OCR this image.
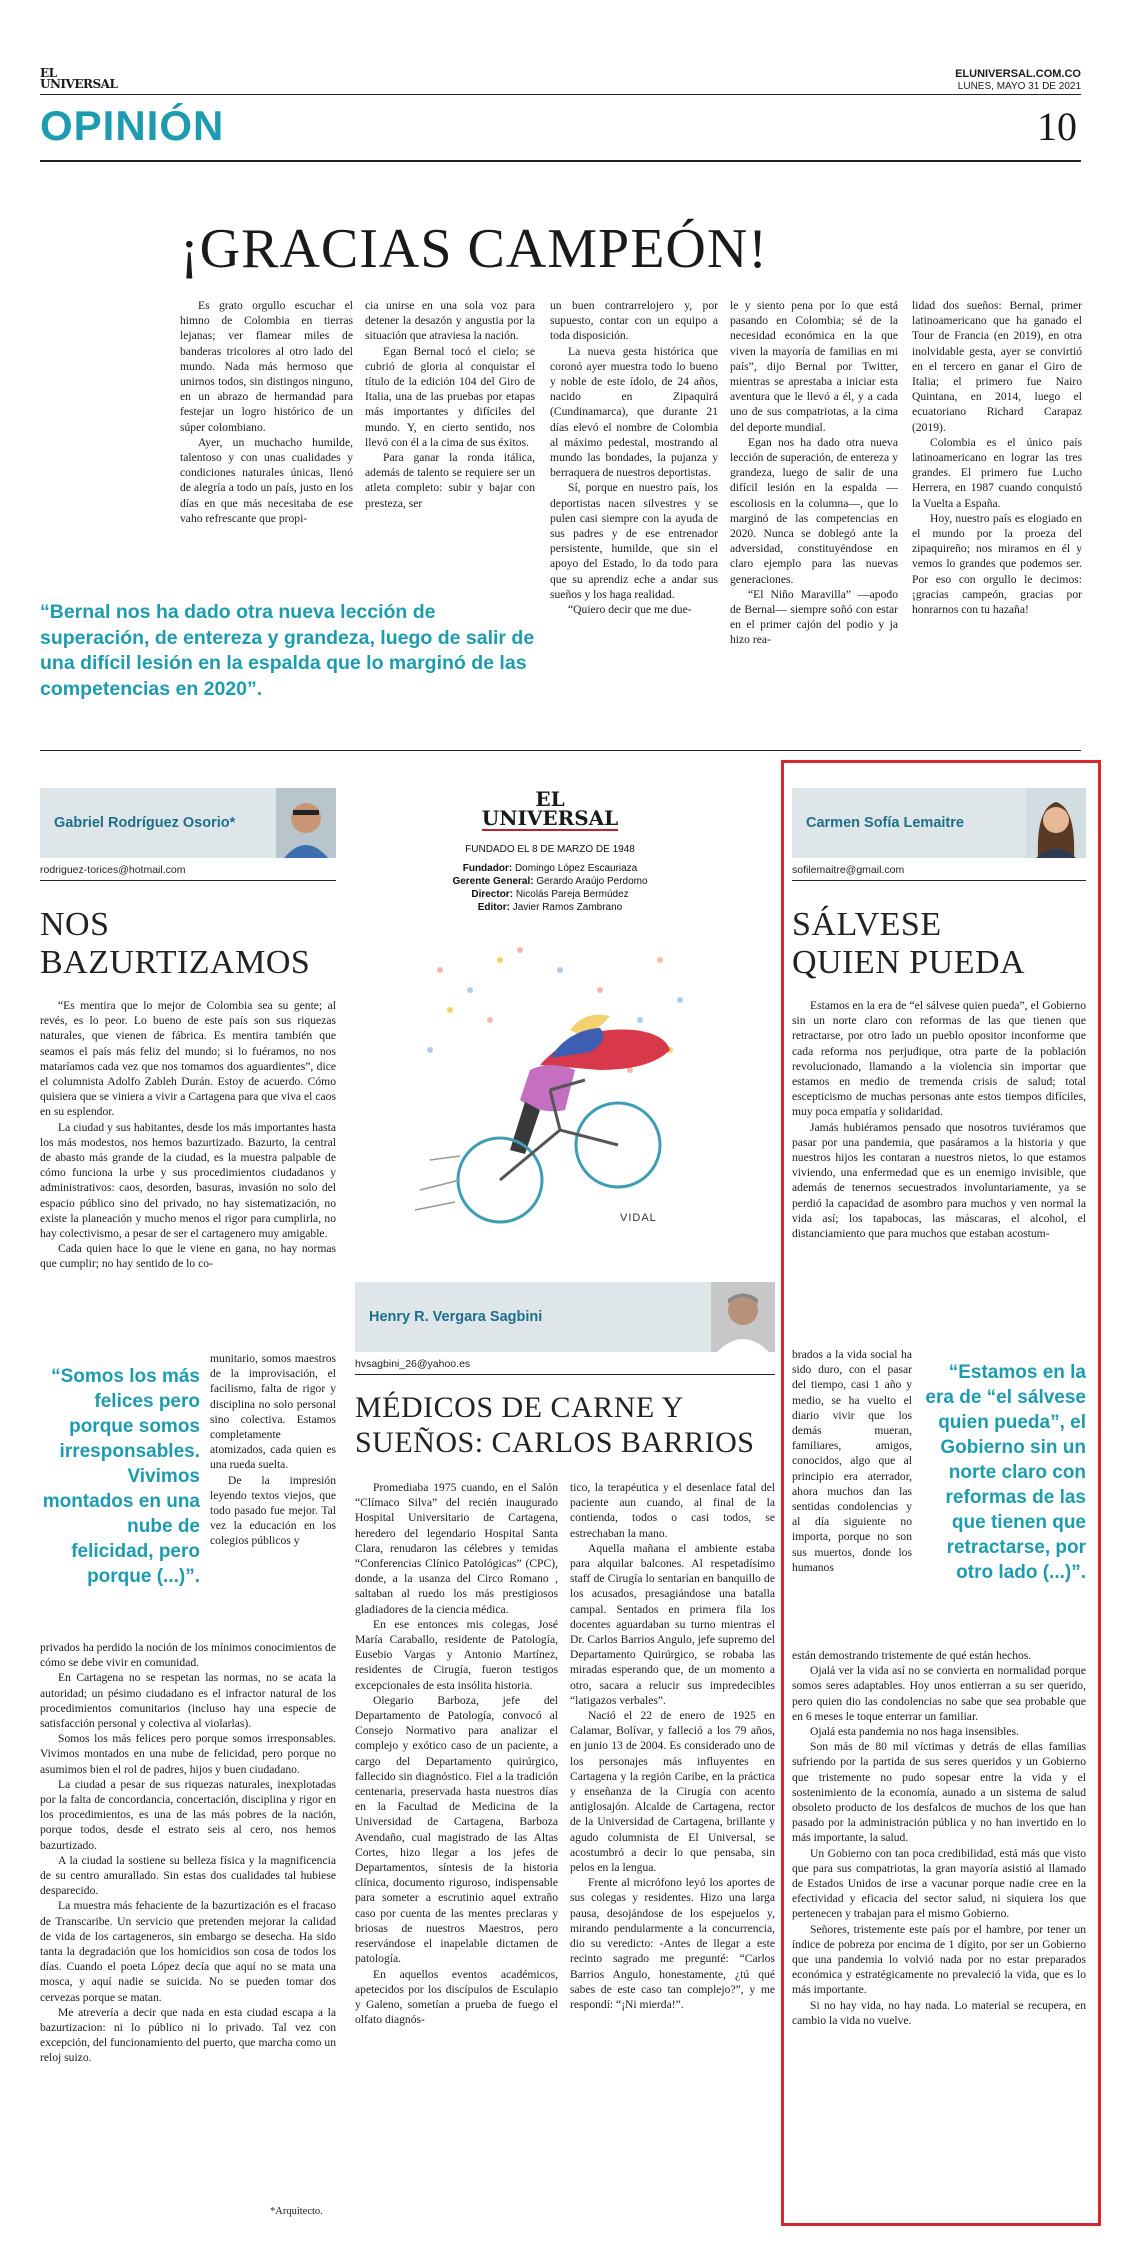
EL
UNIVERSAL
ELUNIVERSAL.COM.CO
LUNES, MAYO 31 DE 2021
OPINIÓN	10
¡GRACIAS CAMPEÓN!

Es grato orgullo escuchar el himno de Colombia en tierras lejanas; ver flamear miles de banderas tricolores al otro lado del mundo. Nada más hermoso que unirnos todos, sin distingos ninguno, en un abrazo de hermandad para festejar un logro histórico de un súper colombiano.

Ayer, un muchacho humilde, talentoso y con unas cualidades y condiciones naturales únicas, llenó de alegría a todo un país, justo en los días en que más necesitaba de ese vaho refrescante que propi-

cia unirse en una sola voz para detener la desazón y angustia por la situación que atraviesa la nación.

Egan Bernal tocó el cielo; se cubrió de gloria al conquistar el título de la edición 104 del Giro de Italia, una de las pruebas por etapas más importantes y difíciles del mundo. Y, en cierto sentido, nos llevó con él a la cima de sus éxitos.

Para ganar la ronda itálica, además de talento se requiere ser un atleta completo: subir y bajar con presteza, ser

un buen contrarrelojero y, por supuesto, contar con un equipo a toda disposición.

La nueva gesta histórica que coronó ayer muestra todo lo bueno y noble de este ídolo, de 24 años, nacido en Zipaquirá (Cundinamarca), que durante 21 días elevó el nombre de Colombia al máximo pedestal, mostrando al mundo las bondades, la pujanza y berraquera de nuestros deportistas.

Sí, porque en nuestro país, los deportistas nacen silvestres y se pulen casi siempre con la ayuda de sus padres y de ese entrenador persistente, humilde, que sin el apoyo del Estado, lo da todo para que su aprendiz eche a andar sus sueños y los haga realidad.

“Quiero decir que me due-

le y siento pena por lo que está pasando en Colombia; sé de la necesidad económica en la que viven la mayoría de familias en mi país”, dijo Bernal por Twitter, mientras se aprestaba a iniciar esta aventura que le llevó a él, y a cada uno de sus compatriotas, a la cima del deporte mundial.

Egan nos ha dado otra nueva lección de superación, de entereza y grandeza, luego de salir de una difícil lesión en la espalda —escoliosis en la columna—, que lo marginó de las competencias en 2020. Nunca se doblegó ante la adversidad, constituyéndose en claro ejemplo para las nuevas generaciones.

“El Niño Maravilla” —apodo de Bernal— siempre soñó con estar en el primer cajón del podio y ja hizo rea-

lidad dos sueños: Bernal, primer latinoamericano que ha ganado el Tour de Francia (en 2019), en otra inolvidable gesta, ayer se convirtió en el tercero en ganar el Giro de Italia; el primero fue Nairo Quintana, en 2014, luego el ecuatoriano Richard Carapaz (2019).

Colombia es el único país latinoamericano en lograr las tres grandes. El primero fue Lucho Herrera, en 1987 cuando conquistó la Vuelta a España.

Hoy, nuestro país es elogiado en el mundo por la proeza del zipaquireño; nos miramos en él y vemos lo grandes que podemos ser. Por eso con orgullo le decimos: ¡gracias campeón, gracias por honrarnos con tu hazaña!

“Bernal nos ha dado otra nueva lección de superación, de entereza y grandeza, luego de salir de una difícil lesión en la espalda que lo marginó de las competencias en 2020”.
Gabriel Rodríguez Osorio*
rodriguez-torices@hotmail.com
NOS
BAZURTIZAMOS

“Es mentira que lo mejor de Colombia sea su gente; al revés, es lo peor. Lo bueno de este país son sus riquezas naturales, que vienen de fábrica. Es mentira también que seamos el país más feliz del mundo; si lo fuéramos, no nos mataríamos cada vez que nos tomamos dos aguardientes”, dice el columnista Adolfo Zableh Durán. Estoy de acuerdo. Cómo quisiera que se viniera a vivir a Cartagena para que viva el caos en su esplendor.

La ciudad y sus habitantes, desde los más importantes hasta los más modestos, nos hemos bazurtizado. Bazurto, la central de abasto más grande de la ciudad, es la muestra palpable de cómo funciona la urbe y sus procedimientos ciudadanos y administrativos: caos, desorden, basuras, invasión no solo del espacio público sino del privado, no hay sistematización, no existe la planeación y mucho menos el rigor para cumplirla, no hay colectivismo, a pesar de ser el cartagenero muy amigable.

Cada quien hace lo que le viene en gana, no hay normas que cumplir; no hay sentido de lo co-

“Somos los más felices pero porque somos irresponsables. Vivimos montados en una nube de felicidad, pero porque (...)”.

munitario, somos maestros de la improvisación, el facilismo, falta de rigor y disciplina no solo personal sino colectiva. Estamos completamente atomizados, cada quien es una rueda suelta.

De la impresión leyendo textos viejos, que todo pasado fue mejor. Tal vez la educación en los colegios públicos y

privados ha perdido la noción de los mínimos conocimientos de cómo se debe vivir en comunidad.

En Cartagena no se respetan las normas, no se acata la autoridad; un pésimo ciudadano es el infractor natural de los procedimientos comunitarios (incluso hay una especie de satisfacción personal y colectiva al violarlas).

Somos los más felices pero porque somos irresponsables. Vivimos montados en una nube de felicidad, pero porque no asumimos bien el rol de padres, hijos y buen ciudadano.

La ciudad a pesar de sus riquezas naturales, inexplotadas por la falta de concordancia, concertación, disciplina y rigor en los procedimientos, es una de las más pobres de la nación, porque todos, desde el estrato seis al cero, nos hemos bazurtizado.

A la ciudad la sostiene su belleza física y la magnificencia de su centro amurallado. Sin estas dos cualidades tal hubiese desparecido.

La muestra más fehaciente de la bazurtización es el fracaso de Transcaribe. Un servicio que pretenden mejorar la calidad de vida de los cartageneros, sin embargo se desecha. Ha sido tanta la degradación que los homicidios son cosa de todos los días. Cuando el poeta López decía que aquí no se mata una mosca, y aquí nadie se suicida. No se pueden tomar dos cervezas porque se matan.

Me atrevería a decir que nada en esta ciudad escapa a la bazurtizacion: ni lo público ni lo privado. Tal vez con excepción, del funcionamiento del puerto, que marcha como un reloj suizo.

*Arquitecto.
EL
UNIVERSAL
FUNDADO EL 8 DE MARZO DE 1948
Fundador: Domingo López Escauriaza
Gerente General: Gerardo Araújo Perdomo
Director: Nicolás Pareja Bermúdez
Editor: Javier Ramos Zambrano
VIDAL
Henry R. Vergara Sagbini
hvsagbini_26@yahoo.es
MÉDICOS DE CARNE Y
SUEÑOS: CARLOS BARRIOS

Promediaba 1975 cuando, en el Salón “Clímaco Silva” del recién inaugurado Hospital Universitario de Cartagena, heredero del legendario Hospital Santa Clara, renudaron las célebres y temidas “Conferencias Clínico Patológicas” (CPC), donde, a la usanza del Circo Romano , saltaban al ruedo los más prestigiosos gladiadores de la ciencia médica.

En ese entonces mis colegas, José María Caraballo, residente de Patología, Eusebio Vargas y Antonio Martínez, residentes de Cirugía, fueron testigos excepcionales de esta insólita historia.

Olegario Barboza, jefe del Departamento de Patología, convocó al Consejo Normativo para analizar el complejo y exótico caso de un paciente, a cargo del Departamento quirúrgico, fallecido sin diagnóstico. Fiel a la tradición centenaria, preservada hasta nuestros días en la Facultad de Medicina de la Universidad de Cartagena, Barboza Avendaño, cual magistrado de las Altas Cortes, hizo llegar a los jefes de Departamentos, síntesis de la historia clínica, documento riguroso, indispensable para someter a escrutinio aquel extraño caso por cuenta de las mentes preclaras y briosas de nuestros Maestros, pero reservándose el inapelable dictamen de patología.

En aquellos eventos académicos, apetecidos por los discípulos de Esculapio y Galeno, sometían a prueba de fuego el olfato diagnós-

tico, la terapéutica y el desenlace fatal del paciente aun cuando, al final de la contienda, todos o casi todos, se estrechaban la mano.

Aquella mañana el ambiente estaba para alquilar balcones. Al respetadísimo staff de Cirugía lo sentarían en banquillo de los acusados, presagiándose una batalla campal. Sentados en primera fila los docentes aguardaban su turno mientras el Dr. Carlos Barrios Angulo, jefe supremo del Departamento Quirúrgico, se robaba las miradas esperando que, de un momento a otro, sacara a relucir sus impredecibles “latigazos verbales”.

Nació el 22 de enero de 1925 en Calamar, Bolívar, y falleció a los 79 años, en junio 13 de 2004. Es considerado uno de los personajes más influyentes en Cartagena y la región Caribe, en la práctica y enseñanza de la Cirugía con acento antiglosajón. Alcalde de Cartagena, rector de la Universidad de Cartagena, brillante y agudo columnista de El Universal, se acostumbró a decir lo que pensaba, sin pelos en la lengua.

Frente al micrófono leyó los aportes de sus colegas y residentes. Hizo una larga pausa, desojándose de los espejuelos y, mirando pendularmente a la concurrencia, dio su veredicto: -Antes de llegar a este recinto sagrado me pregunté: “Carlos Barrios Angulo, honestamente, ¿tú qué sabes de este caso tan complejo?”, y me respondí: “¡Ni mierda!”.

Carmen Sofía Lemaitre
sofilemaitre@gmail.com
SÁLVESE
QUIEN PUEDA

Estamos en la era de “el sálvese quien pueda”, el Gobierno sin un norte claro con reformas de las que tienen que retractarse, por otro lado un pueblo opositor inconforme que cada reforma nos perjudique, otra parte de la población revolucionado, llamando a la violencia sin importar que estamos en medio de tremenda crisis de salud; total escepticismo de muchas personas ante estos tiempos difíciles, muy poca empatía y solidaridad.

Jamás hubiéramos pensado que nosotros tuviéramos que pasar por una pandemia, que pasáramos a la historia y que nuestros hijos les contaran a nuestros nietos, lo que estamos viviendo, una enfermedad que es un enemigo invisible, que además de tenernos secuestrados involuntariamente, ya se perdió la capacidad de asombro para muchos y ven normal la vida así; los tapabocas, las máscaras, el alcohol, el distanciamiento que para muchos que estaban acostum-

brados a la vida social ha sido duro, con el pasar del tiempo, casi 1 año y medio, se ha vuelto el diario vivir que los demás mueran, familiares, amigos, conocidos, algo que al principio era aterrador, ahora muchos dan las sentidas condolencias y al día siguiente no importa, porque no son sus muertos, donde los humanos

“Estamos en la era de “el sálvese quien pueda”, el Gobierno sin un norte claro con reformas de las que tienen que retractarse, por otro lado (...)”.

están demostrando tristemente de qué están hechos.

Ojalá ver la vida así no se convierta en normalidad porque somos seres adaptables. Hoy unos entierran a su ser querido, pero quien dio las condolencias no sabe que sea probable que en 6 meses le toque enterrar un familiar.

Ojalá esta pandemia no nos haga insensibles.

Son más de 80 mil víctimas y detrás de ellas familias sufriendo por la partida de sus seres queridos y un Gobierno que tristemente no pudo sopesar entre la vida y el sostenimiento de la economía, aunado a un sistema de salud obsoleto producto de los desfalcos de muchos de los que han pasado por la administración pública y no han invertido en lo más importante, la salud.

Un Gobierno con tan poca credibilidad, está más que visto que para sus compatriotas, la gran mayoría asistió al llamado de Estados Unidos de irse a vacunar porque nadie cree en la efectividad y eficacia del sector salud, ni siquiera los que pertenecen y trabajan para el mismo Gobierno.

Señores, tristemente este país por el hambre, por tener un índice de pobreza por encima de 1 dígito, por ser un Gobierno que una pandemia lo volvió nada por no estar preparados económica y estratégicamente no prevaleció la vida, que es lo más importante.

Si no hay vida, no hay nada. Lo material se recupera, en cambio la vida no vuelve.
